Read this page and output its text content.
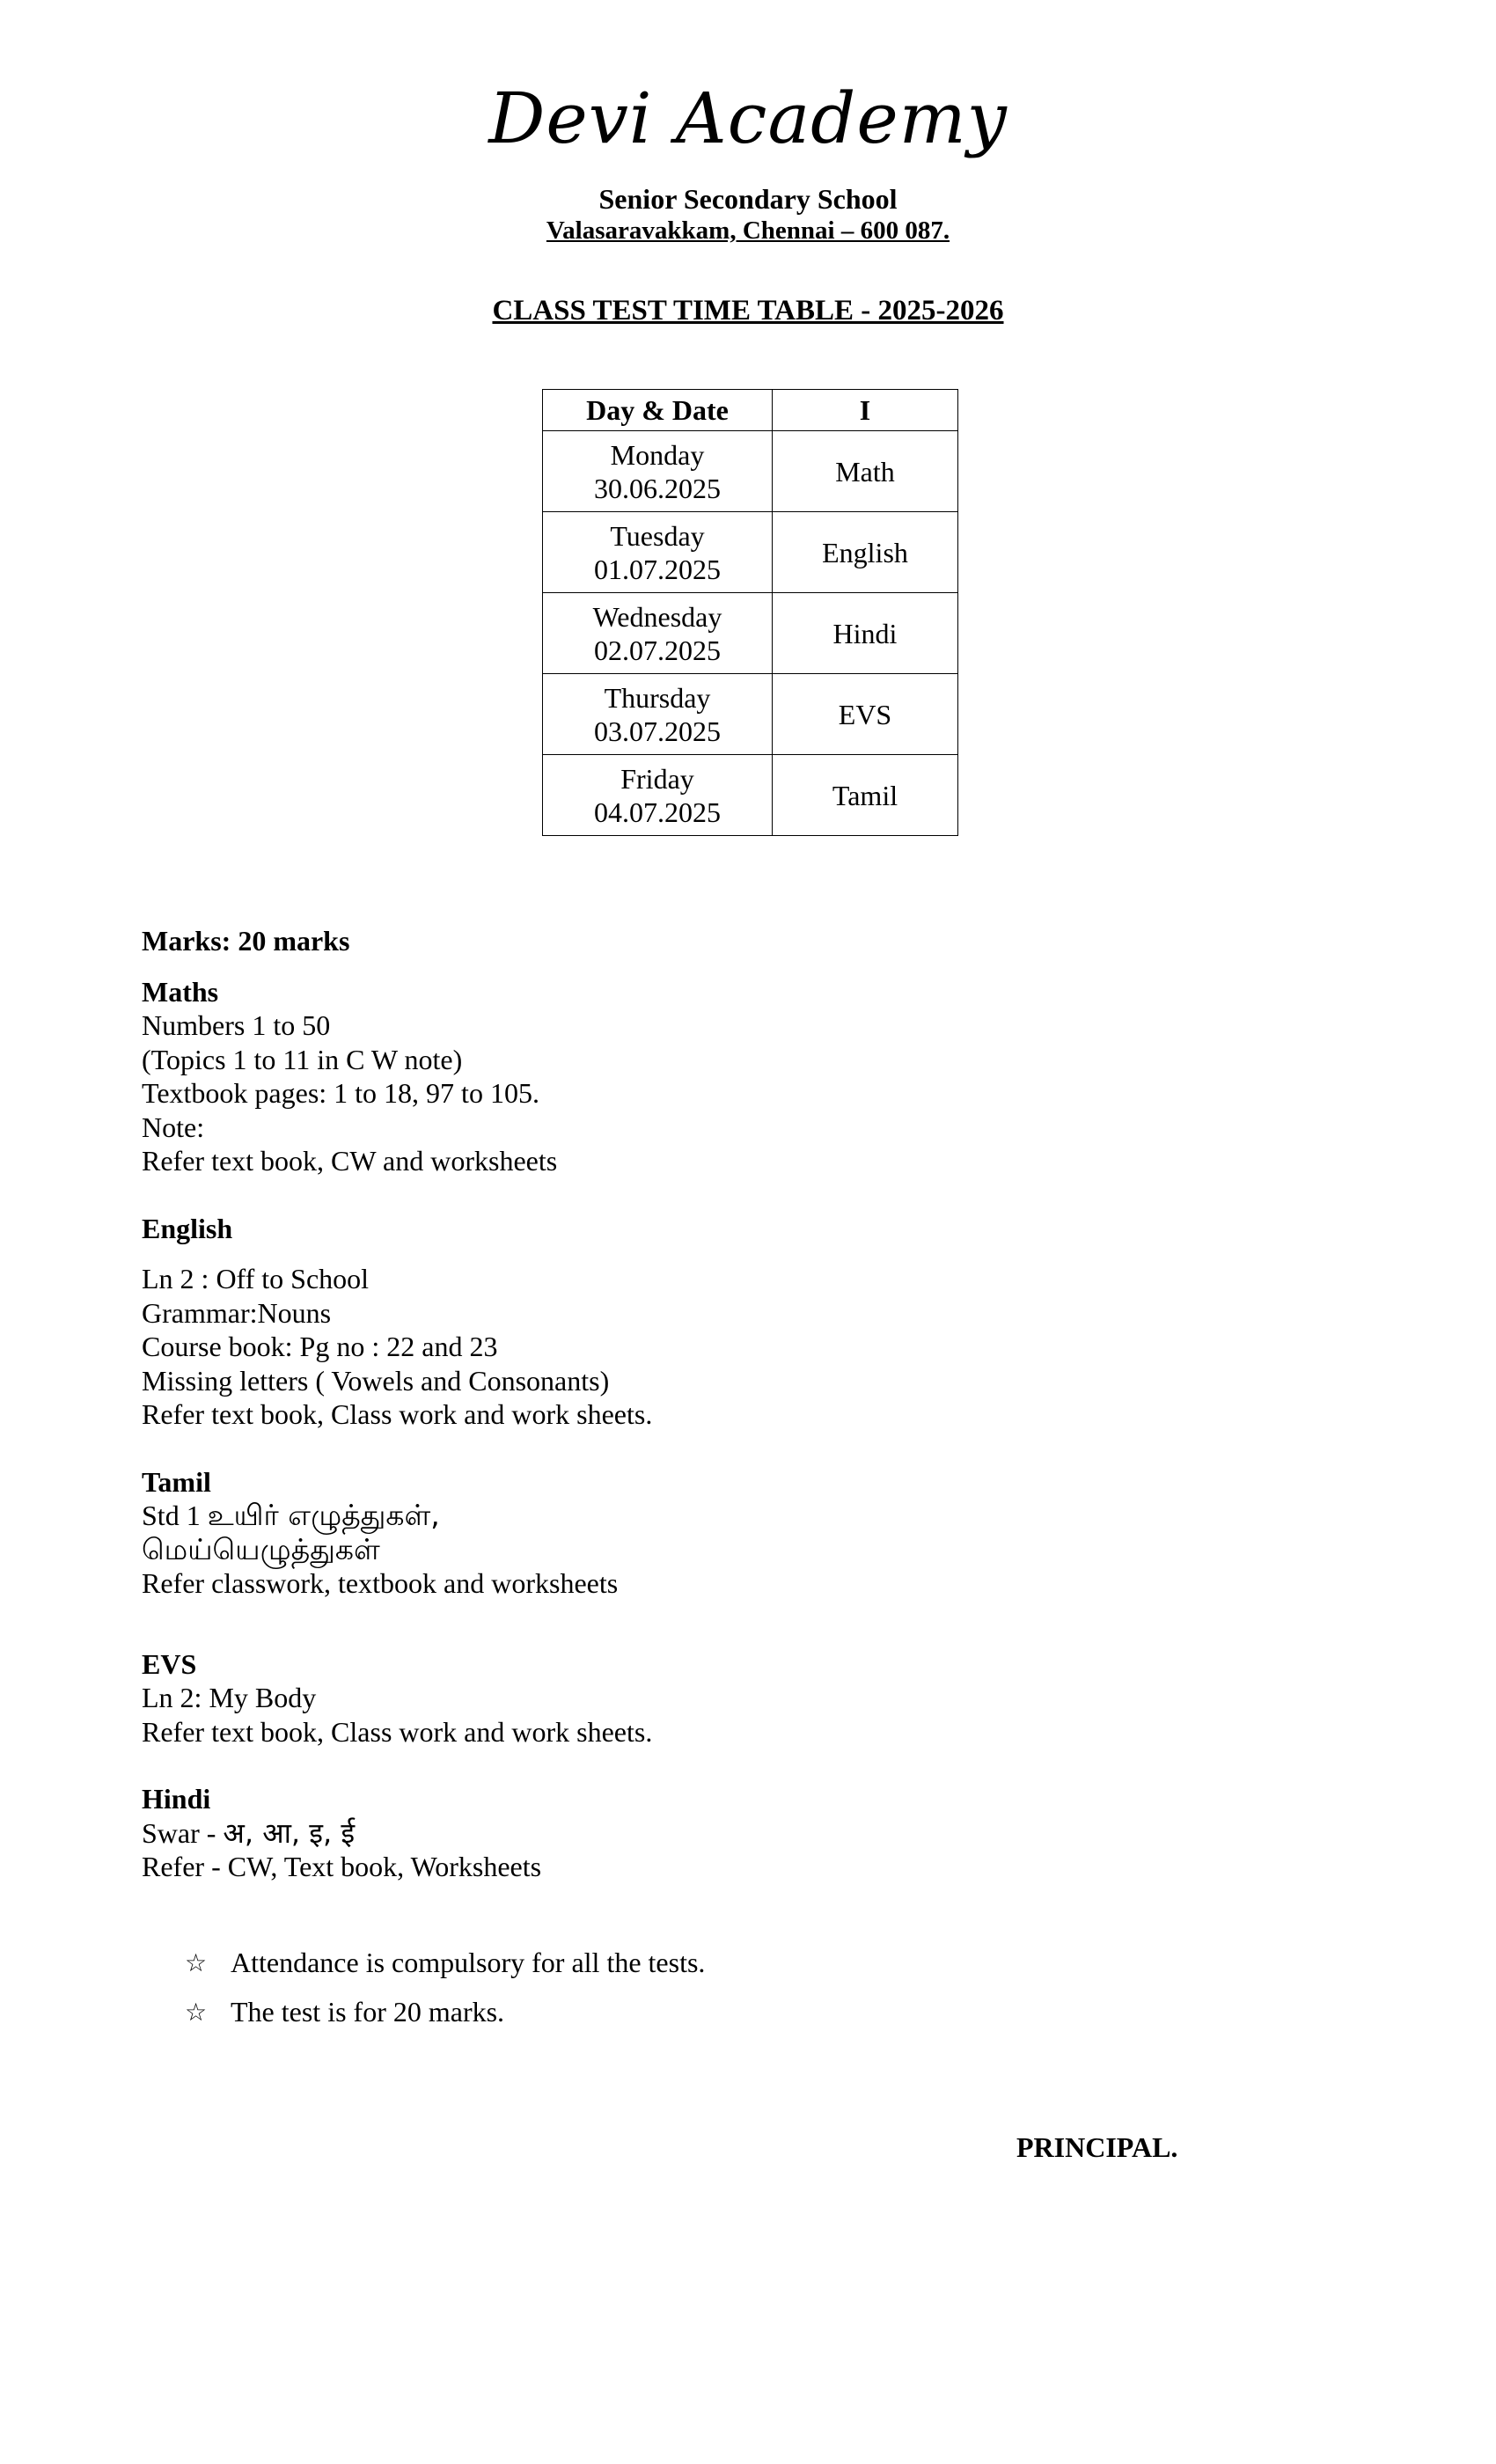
Devi Academy
Senior Secondary School
Valasaravakkam, Chennai – 600 087.
CLASS TEST TIME TABLE - 2025-2026
Day & Date	I
Monday
30.06.2025	Math
Tuesday
01.07.2025	English
Wednesday
02.07.2025	Hindi
Thursday
03.07.2025	EVS
Friday
04.07.2025	Tamil
Marks: 20 marks
Maths
Numbers 1 to 50
(Topics 1 to 11 in C W note)
Textbook pages: 1 to 18, 97 to 105.
Note:
Refer text book, CW and worksheets
English
Ln 2 : Off to School
Grammar:Nouns
Course book: Pg no : 22 and 23
Missing letters ( Vowels and Consonants)
Refer text book, Class work and work sheets.
Tamil
Std 1 உயிர் எழுத்துகள்,
மெய்யெழுத்துகள்
Refer classwork, textbook and worksheets
EVS
Ln 2: My Body
Refer text book, Class work and work sheets.
Hindi
Swar - अ, आ, इ, ई
Refer - CW, Text book, Worksheets
☆ Attendance is compulsory for all the tests.
☆ The test is for 20 marks.
PRINCIPAL.
